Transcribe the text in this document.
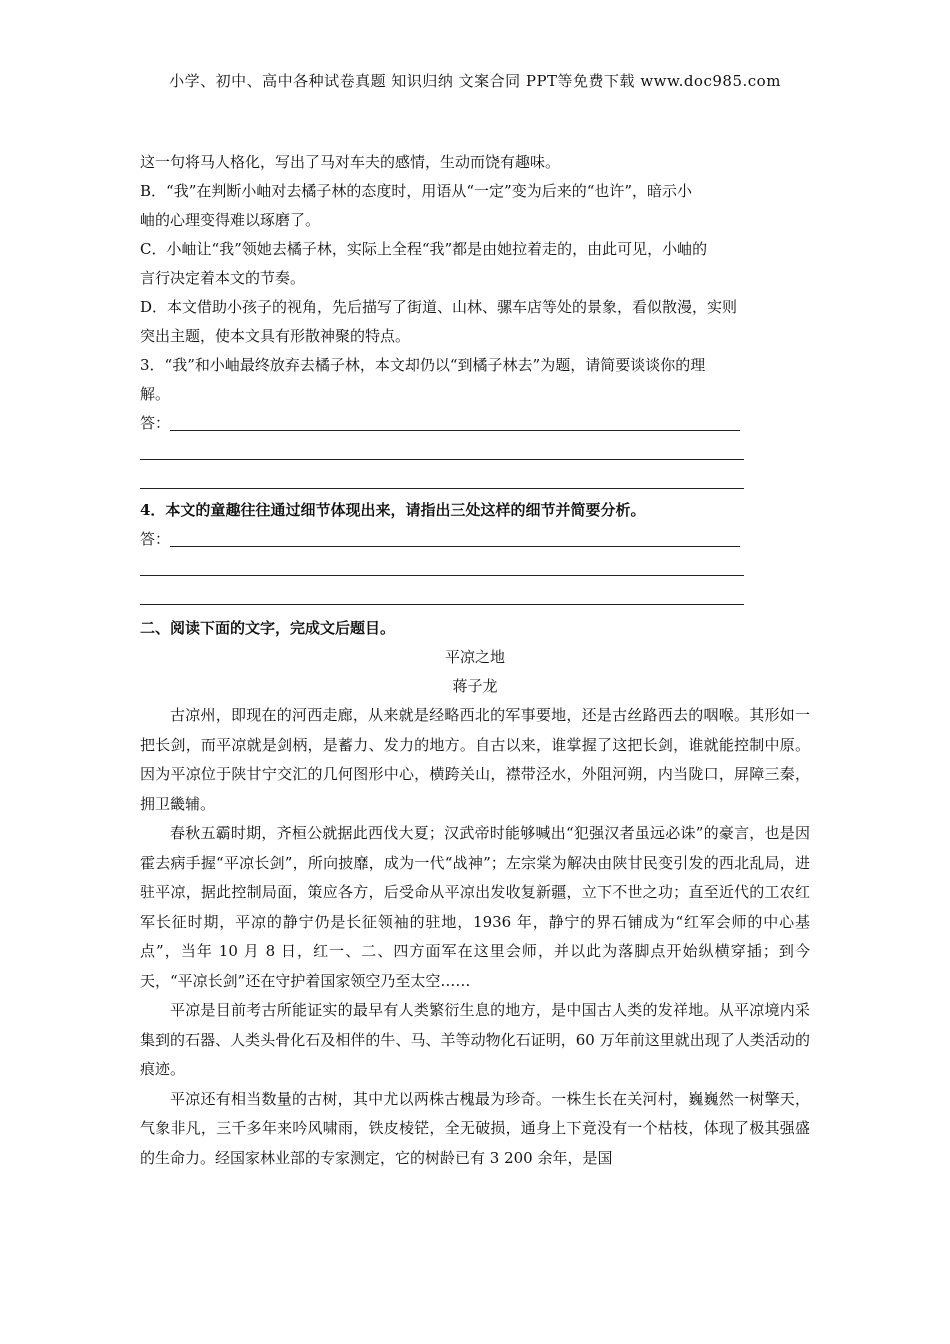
小学、初中、高中各种试卷真题 知识归纳 文案合同 PPT等免费下载 www.doc985.com
这一句将马人格化，写出了马对车夫的感情，生动而饶有趣味。
B．“我”在判断小岫对去橘子林的态度时，用语从“一定”变为后来的“也许”，暗示小
岫的心理变得难以琢磨了。
C．小岫让“我”领她去橘子林，实际上全程“我”都是由她拉着走的，由此可见，小岫的
言行决定着本文的节奏。
D．本文借助小孩子的视角，先后描写了街道、山林、骡车店等处的景象，看似散漫，实则
突出主题，使本文具有形散神聚的特点。
3．“我”和小岫最终放弃去橘子林，本文却仍以“到橘子林去”为题，请简要谈谈你的理
解。
答：
4．本文的童趣往往通过细节体现出来，请指出三处这样的细节并简要分析。
答：
二、阅读下面的文字，完成文后题目。
平凉之地
蒋子龙

古凉州，即现在的河西走廊，从来就是经略西北的军事要地，还是古丝路西去的咽喉。其形如一把长剑，而平凉就是剑柄，是蓄力、发力的地方。自古以来，谁掌握了这把长剑，谁就能控制中原。因为平凉位于陕甘宁交汇的几何图形中心，横跨关山，襟带泾水，外阻河朔，内当陇口，屏障三秦，拥卫畿辅。

春秋五霸时期，齐桓公就据此西伐大夏；汉武帝时能够喊出“犯强汉者虽远必诛”的豪言，也是因霍去病手握“平凉长剑”，所向披靡，成为一代“战神”；左宗棠为解决由陕甘民变引发的西北乱局，进驻平凉，据此控制局面，策应各方，后受命从平凉出发收复新疆，立下不世之功；直至近代的工农红军长征时期，平凉的静宁仍是长征领袖的驻地，1936 年，静宁的界石铺成为“红军会师的中心基点”，当年 10 月 8 日，红一、二、四方面军在这里会师，并以此为落脚点开始纵横穿插；到今天，“平凉长剑”还在守护着国家领空乃至太空……

平凉是目前考古所能证实的最早有人类繁衍生息的地方，是中国古人类的发祥地。从平凉境内采集到的石器、人类头骨化石及相伴的牛、马、羊等动物化石证明，60 万年前这里就出现了人类活动的痕迹。

平凉还有相当数量的古树，其中尤以两株古槐最为珍奇。一株生长在关河村，巍巍然一树擎天，气象非凡，三千多年来吟风啸雨，铁皮棱铓，全无破损，通身上下竟没有一个枯枝，体现了极其强盛的生命力。经国家林业部的专家测定，它的树龄已有 3 200 余年，是国
